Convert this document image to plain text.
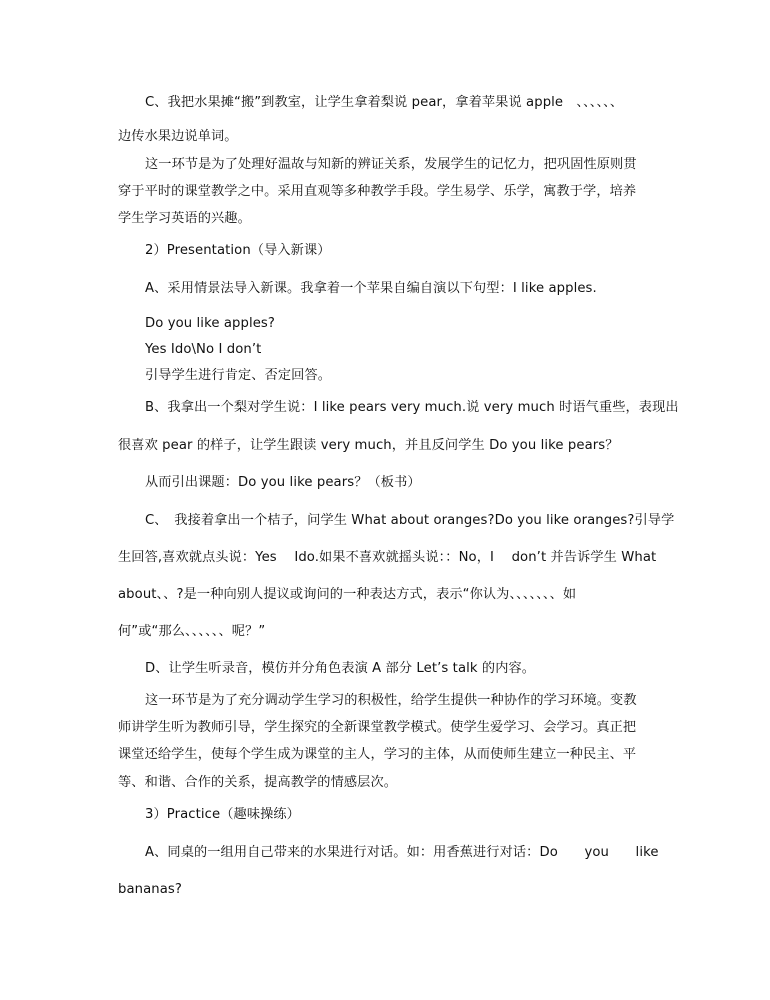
C、我把水果摊“搬”到教室，让学生拿着梨说 pear，拿着苹果说 apple　、、、、、、
边传水果边说单词。
这一环节是为了处理好温故与知新的辨证关系，发展学生的记忆力，把巩固性原则贯
穿于平时的课堂教学之中。采用直观等多种教学手段。学生易学、乐学，寓教于学，培养
学生学习英语的兴趣。
2）Presentation（导入新课）
A、采用情景法导入新课。我拿着一个苹果自编自演以下句型：I like apples.
Do you like apples?
Yes Ido\No I don’t
引导学生进行肯定、否定回答。
B、我拿出一个梨对学生说：I like pears very much.说 very much 时语气重些，表现出
很喜欢 pear 的样子，让学生跟读 very much，并且反问学生 Do you like pears？
从而引出课题：Do you like pears？（板书）
C、　我接着拿出一个桔子，问学生 What about oranges?Do you like oranges?引导学
生回答,喜欢就点头说：Yes　 Ido.如果不喜欢就摇头说：：No，I　 don’t 并告诉学生 What
about、、?是一种向别人提议或询问的一种表达方式，表示“你认为、、、、、、、如
何”或“那么、、、、、、呢？”
D、让学生听录音，模仿并分角色表演 A 部分 Let’s talk 的内容。
这一环节是为了充分调动学生学习的积极性，给学生提供一种协作的学习环境。变教
师讲学生听为教师引导，学生探究的全新课堂教学模式。使学生爱学习、会学习。真正把
课堂还给学生，使每个学生成为课堂的主人，学习的主体，从而使师生建立一种民主、平
等、和谐、合作的关系，提高教学的情感层次。
3）Practice（趣味操练）
A、同桌的一组用自己带来的水果进行对话。如：用香蕉进行对话：Do　　you　　like
bananas?
